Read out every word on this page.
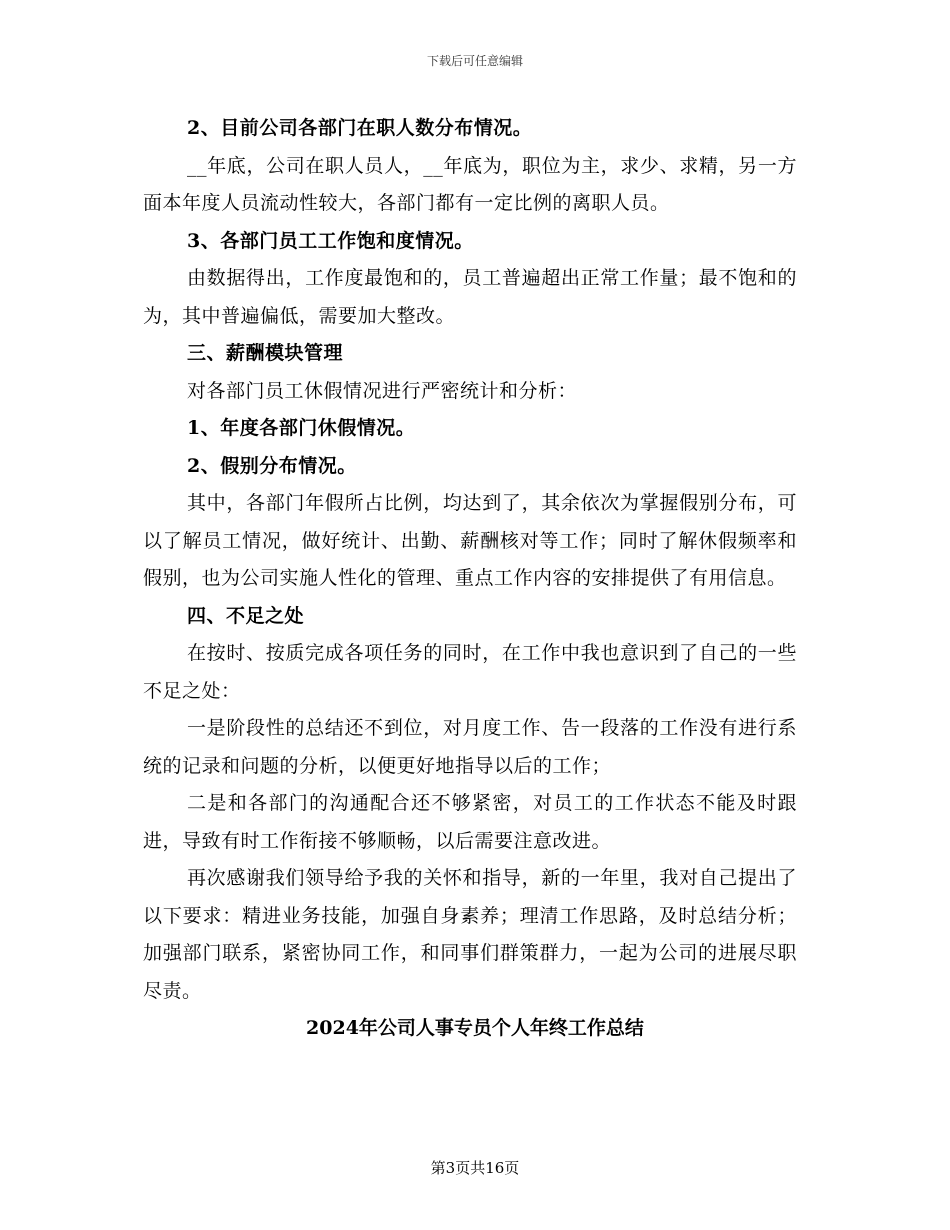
下载后可任意编辑

2、目前公司各部门在职人数分布情况。

__年底，公司在职人员人，__年底为，职位为主，求少、求精，另一方面本年度人员流动性较大，各部门都有一定比例的离职人员。

3、各部门员工工作饱和度情况。

由数据得出，工作度最饱和的，员工普遍超出正常工作量；最不饱和的为，其中普遍偏低，需要加大整改。

三、薪酬模块管理

对各部门员工休假情况进行严密统计和分析：

1、年度各部门休假情况。

2、假别分布情况。

其中，各部门年假所占比例，均达到了，其余依次为掌握假别分布，可以了解员工情况，做好统计、出勤、薪酬核对等工作；同时了解休假频率和假别，也为公司实施人性化的管理、重点工作内容的安排提供了有用信息。

四、不足之处

在按时、按质完成各项任务的同时，在工作中我也意识到了自己的一些不足之处：

一是阶段性的总结还不到位，对月度工作、告一段落的工作没有进行系统的记录和问题的分析，以便更好地指导以后的工作；

二是和各部门的沟通配合还不够紧密，对员工的工作状态不能及时跟进，导致有时工作衔接不够顺畅，以后需要注意改进。

再次感谢我们领导给予我的关怀和指导，新的一年里，我对自己提出了以下要求：精进业务技能，加强自身素养；理清工作思路，及时总结分析；加强部门联系，紧密协同工作，和同事们群策群力，一起为公司的进展尽职尽责。

2024年公司人事专员个人年终工作总结

第3页共16页
